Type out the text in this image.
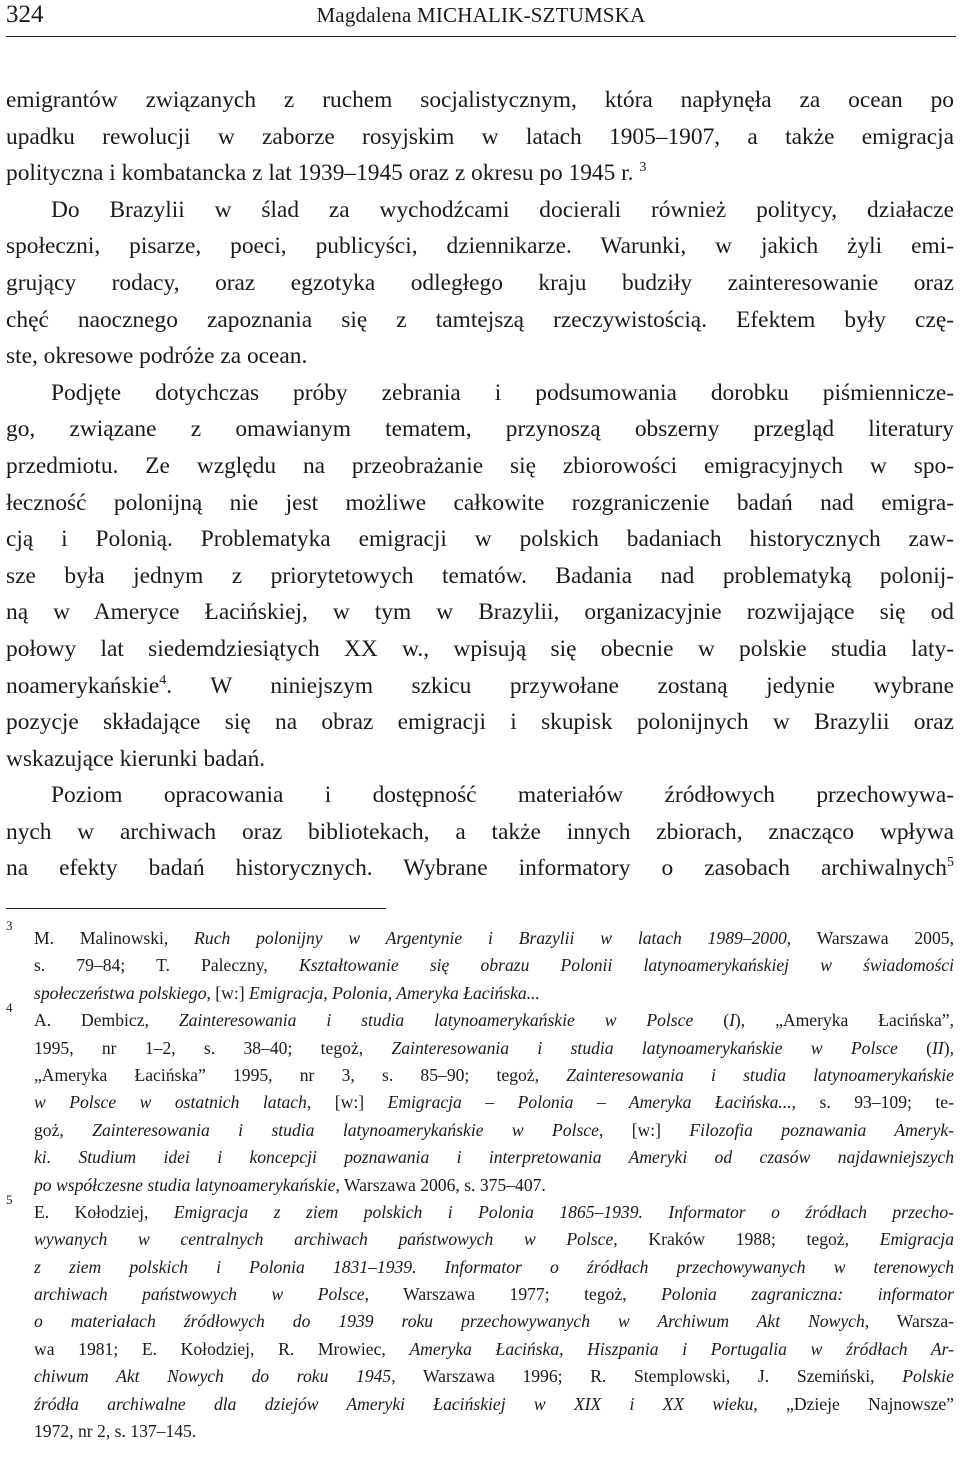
324	Magdalena MICHALIK-SZTUMSKA
emigrantów związanych z ruchem socjalistycznym, która napłynęła za ocean po
upadku rewolucji w zaborze rosyjskim w latach 1905–1907, a także emigracja
polityczna i kombatancka z lat 1939–1945 oraz z okresu po 1945 r. $^3$
Do Brazylii w ślad za wychodźcami docierali również politycy, działacze
społeczni, pisarze, poeci, publicyści, dziennikarze. Warunki, w jakich żyli emi-
grujący rodacy, oraz egzotyka odległego kraju budziły zainteresowanie oraz
chęć naocznego zapoznania się z tamtejszą rzeczywistością. Efektem były czę-
ste, okresowe podróże za ocean.
Podjęte dotychczas próby zebrania i podsumowania dorobku piśmienniczе-
go, związane z omawianym tematem, przynoszą obszerny przegląd literatury
przedmiotu. Ze względu na przeobrażanie się zbiorowości emigracyjnych w spo-
łeczność polonijną nie jest możliwe całkowite rozgraniczenie badań nad emigra-
cją i Polonią. Problematyka emigracji w polskich badaniach historycznych zaw-
sze była jednym z priorytetowych tematów. Badania nad problematyką polonij-
ną w Ameryce Łacińskiej, w tym w Brazylii, organizacyjnie rozwijające się od
połowy lat siedemdziesiątych XX w., wpisują się obecnie w polskie studia laty-
noamerykańskie$^4$. W niniejszym szkicu przywołane zostaną jedynie wybrane
pozycje składające się na obraz emigracji i skupisk polonijnych w Brazylii oraz
wskazujące kierunki badań.
Poziom opracowania i dostępność materiałów źródłowych przechowywa-
nych w archiwach oraz bibliotekach, a także innych zbiorach, znacząco wpływa
na efekty badań historycznych. Wybrane informatory o zasobach archiwalnych$^5$
3
M. Malinowski, Ruch polonijny w Argentynie i Brazylii w latach 1989–2000, Warszawa 2005,
s. 79–84; T. Paleczny, Kształtowanie się obrazu Polonii latynoamerykańskiej w świadomości
społeczeństwa polskiego, [w:] Emigracja, Polonia, Ameryka Łacińska...
4
A. Dembicz, Zainteresowania i studia latynoamerykańskie w Polsce (I), „Ameryka Łacińska”,
1995, nr 1–2, s. 38–40; tegoż, Zainteresowania i studia latynoamerykańskie w Polsce (II),
„Ameryka Łacińska” 1995, nr 3, s. 85–90; tegoż, Zainteresowania i studia latynoamerykańskie
w Polsce w ostatnich latach, [w:] Emigracja – Polonia – Ameryka Łacińska..., s. 93–109; te-
goż, Zainteresowania i studia latynoamerykańskie w Polsce, [w:] Filozofia poznawania Ameryk-
ki. Studium idei i koncepcji poznawania i interpretowania Ameryki od czasów najdawniejszych
po współczesne studia latynoamerykańskie, Warszawa 2006, s. 375–407.
5
E. Kołodziej, Emigracja z ziem polskich i Polonia 1865–1939. Informator o źródłach przecho-
wywanych w centralnych archiwach państwowych w Polsce, Kraków 1988; tegoż, Emigracja
z ziem polskich i Polonia 1831–1939. Informator o źródłach przechowywanych w terenowych
archiwach państwowych w Polsce, Warszawa 1977; tegoż, Polonia zagraniczna: informator
o materiałach źródłowych do 1939 roku przechowywanych w Archiwum Akt Nowych, Warsza-
wa 1981; E. Kołodziej, R. Mrowiec, Ameryka Łacińska, Hiszpania i Portugalia w źródłach Ar-
chiwum Akt Nowych do roku 1945, Warszawa 1996; R. Stemplowski, J. Szemiński, Polskie
źródła archiwalne dla dziejów Ameryki Łacińskiej w XIX i XX wieku, „Dzieje Najnowsze”
1972, nr 2, s. 137–145.
